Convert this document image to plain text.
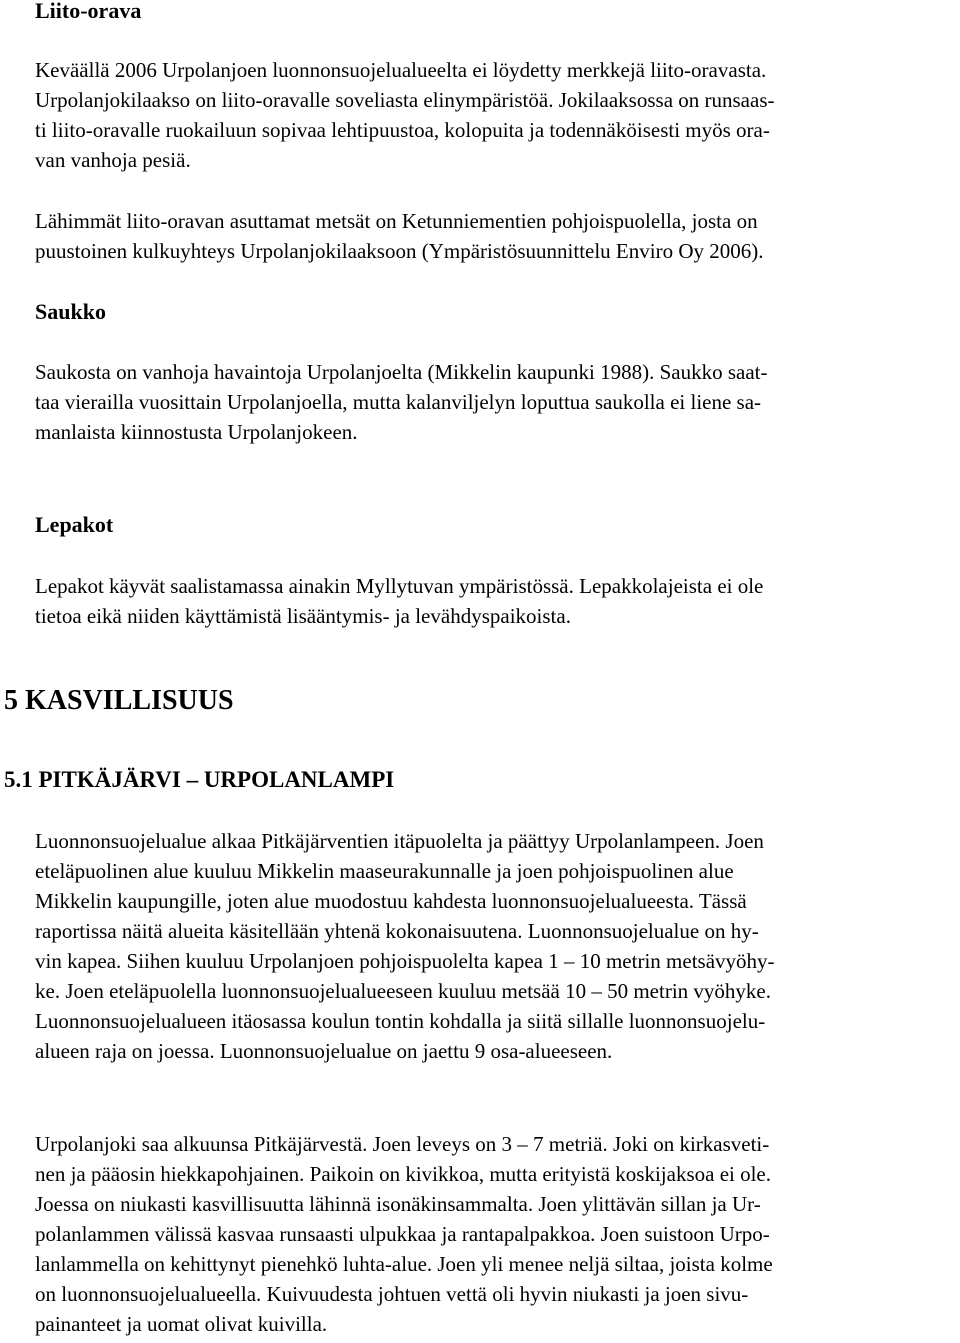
Liito-orava

Keväällä 2006 Urpolanjoen luonnonsuojelualueelta ei löydetty merkkejä liito-oravasta.
Urpolanjokilaakso on liito-oravalle soveliasta elinympäristöä. Jokilaaksossa on runsaas-
ti liito-oravalle ruokailuun sopivaa lehtipuustoa, kolopuita ja todennäköisesti myös ora-
van vanhoja pesiä.

Lähimmät liito-oravan asuttamat metsät on Ketunniementien pohjoispuolella, josta on
puustoinen kulkuyhteys Urpolanjokilaaksoon (Ympäristösuunnittelu Enviro Oy 2006).

Saukko

Saukosta on vanhoja havaintoja Urpolanjoelta (Mikkelin kaupunki 1988). Saukko saat-
taa vierailla vuosittain Urpolanjoella, mutta kalanviljelyn loputtua saukolla ei liene sa-
manlaista kiinnostusta Urpolanjokeen.

Lepakot

Lepakot käyvät saalistamassa ainakin Myllytuvan ympäristössä. Lepakkolajeista ei ole
tietoa eikä niiden käyttämistä lisääntymis- ja levähdyspaikoista.

5 KASVILLISUUS
5.1 PITKÄJÄRVI – URPOLANLAMPI

Luonnonsuojelualue alkaa Pitkäjärventien itäpuolelta ja päättyy Urpolanlampeen. Joen
eteläpuolinen alue kuuluu Mikkelin maaseurakunnalle ja joen pohjoispuolinen alue
Mikkelin kaupungille, joten alue muodostuu kahdesta luonnonsuojelualueesta. Tässä
raportissa näitä alueita käsitellään yhtenä kokonaisuutena. Luonnonsuojelualue on hy-
vin kapea. Siihen kuuluu Urpolanjoen pohjoispuolelta kapea 1 – 10 metrin metsävyöhy-
ke. Joen eteläpuolella luonnonsuojelualueeseen kuuluu metsää 10 – 50 metrin vyöhyke.
Luonnonsuojelualueen itäosassa koulun tontin kohdalla ja siitä sillalle luonnonsuojelu-
alueen raja on joessa. Luonnonsuojelualue on jaettu 9 osa-alueeseen.

Urpolanjoki saa alkuunsa Pitkäjärvestä. Joen leveys on 3 – 7 metriä. Joki on kirkasveti-
nen ja pääosin hiekkapohjainen. Paikoin on kivikkoa, mutta erityistä koskijaksoa ei ole.
Joessa on niukasti kasvillisuutta lähinnä isonäkinsammalta. Joen ylittävän sillan ja Ur-
polanlammen välissä kasvaa runsaasti ulpukkaa ja rantapalpakkoa. Joen suistoon Urpo-
lanlammella on kehittynyt pienehkö luhta-alue. Joen yli menee neljä siltaa, joista kolme
on luonnonsuojelualueella. Kuivuudesta johtuen vettä oli hyvin niukasti ja joen sivu-
painanteet ja uomat olivat kuivilla.
